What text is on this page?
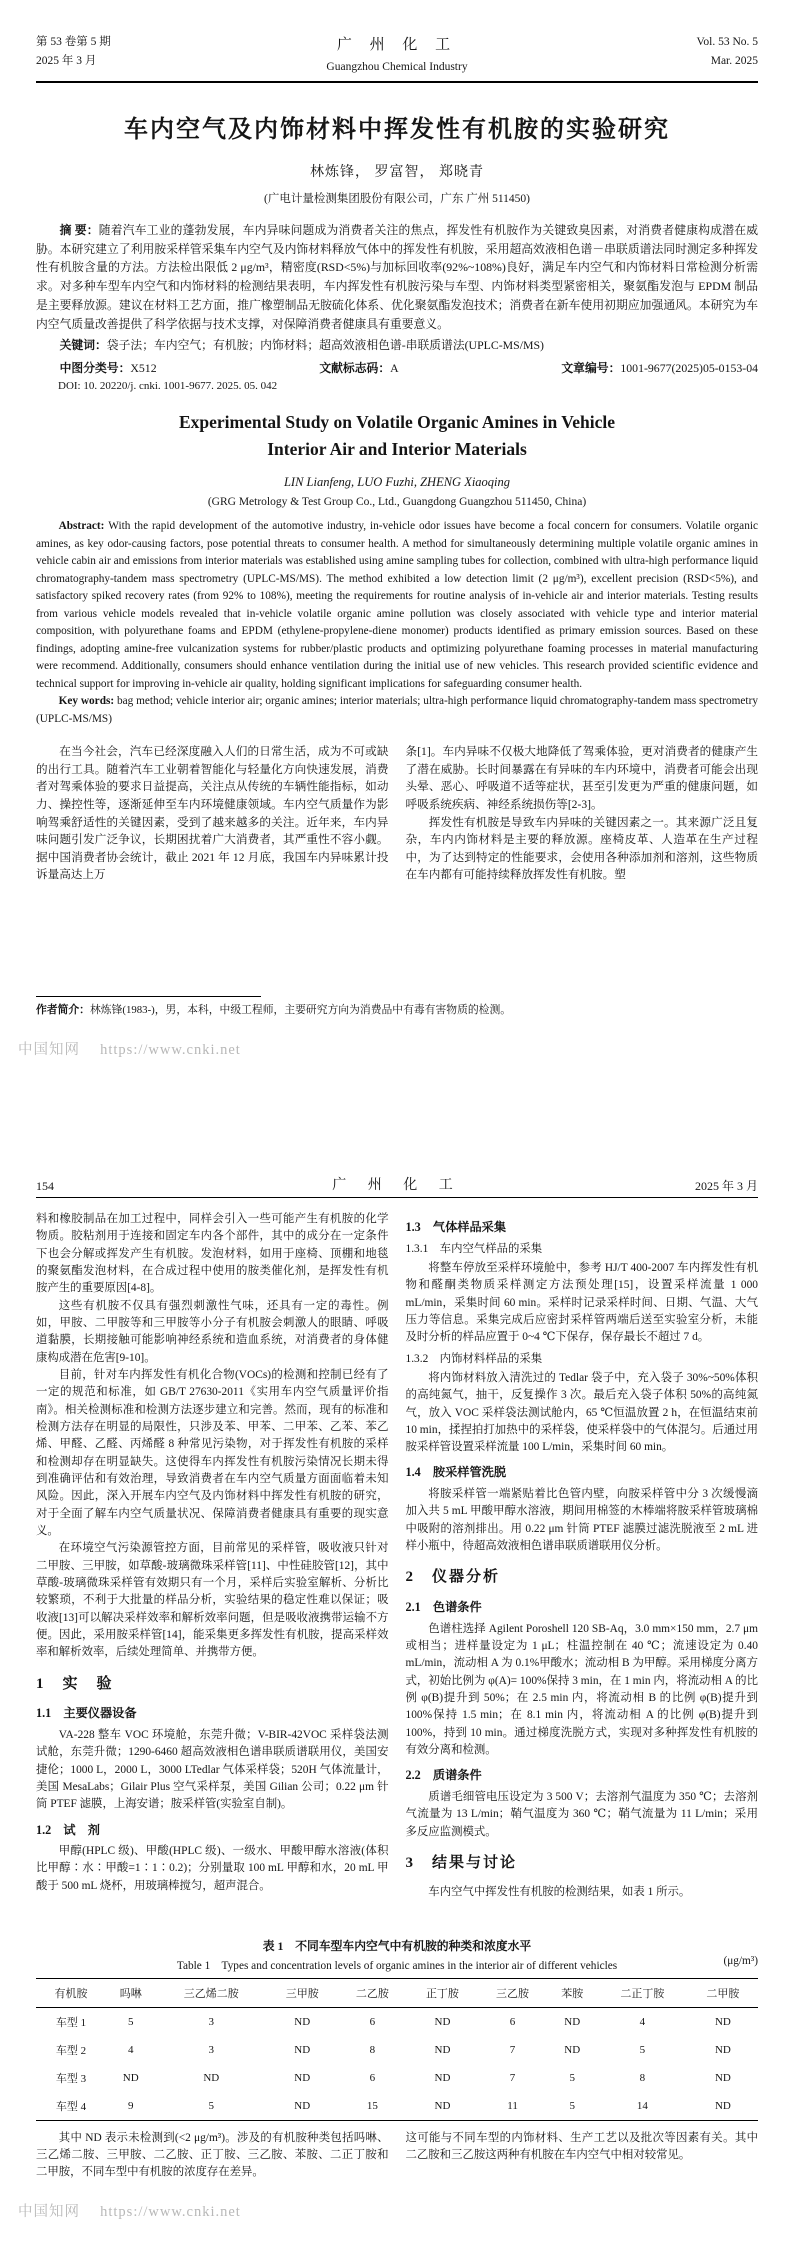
第 53 卷第 5 期
2025 年 3 月
广 州 化 工
Guangzhou Chemical Industry
Vol. 53 No. 5
Mar. 2025
车内空气及内饰材料中挥发性有机胺的实验研究
林炼锋， 罗富智， 郑晓青
(广电计量检测集团股份有限公司，广东 广州 511450)

摘 要：随着汽车工业的蓬勃发展，车内异味问题成为消费者关注的焦点，挥发性有机胺作为关键致臭因素，对消费者健康构成潜在威胁。本研究建立了利用胺采样管采集车内空气及内饰材料释放气体中的挥发性有机胺，采用超高效液相色谱－串联质谱法同时测定多种挥发性有机胺含量的方法。方法检出限低 2 μg/m³，精密度(RSD<5%)与加标回收率(92%~108%)良好，满足车内空气和内饰材料日常检测分析需求。对多种车型车内空气和内饰材料的检测结果表明，车内挥发性有机胺污染与车型、内饰材料类型紧密相关，聚氨酯发泡与 EPDM 制品是主要释放源。建议在材料工艺方面，推广橡塑制品无胺硫化体系、优化聚氨酯发泡技术；消费者在新车使用初期应加强通风。本研究为车内空气质量改善提供了科学依据与技术支撑，对保障消费者健康具有重要意义。

关键词：袋子法；车内空气；有机胺；内饰材料；超高效液相色谱-串联质谱法(UPLC-MS/MS)

中图分类号：X512	文献标志码：A	文章编号：1001-9677(2025)05-0153-04
DOI: 10. 20220/j. cnki. 1001-9677. 2025. 05. 042
Experimental Study on Volatile Organic Amines in Vehicle
Interior Air and Interior Materials
LIN Lianfeng, LUO Fuzhi, ZHENG Xiaoqing
(GRG Metrology & Test Group Co., Ltd., Guangdong Guangzhou 511450, China)

Abstract: With the rapid development of the automotive industry, in-vehicle odor issues have become a focal concern for consumers. Volatile organic amines, as key odor-causing factors, pose potential threats to consumer health. A method for simultaneously determining multiple volatile organic amines in vehicle cabin air and emissions from interior materials was established using amine sampling tubes for collection, combined with ultra-high performance liquid chromatography-tandem mass spectrometry (UPLC-MS/MS). The method exhibited a low detection limit (2 μg/m³), excellent precision (RSD<5%), and satisfactory spiked recovery rates (from 92% to 108%), meeting the requirements for routine analysis of in-vehicle air and interior materials. Testing results from various vehicle models revealed that in-vehicle volatile organic amine pollution was closely associated with vehicle type and interior material composition, with polyurethane foams and EPDM (ethylene-propylene-diene monomer) products identified as primary emission sources. Based on these findings, adopting amine-free vulcanization systems for rubber/plastic products and optimizing polyurethane foaming processes in material manufacturing were recommend. Additionally, consumers should enhance ventilation during the initial use of new vehicles. This research provided scientific evidence and technical support for improving in-vehicle air quality, holding significant implications for safeguarding consumer health.

Key words: bag method; vehicle interior air; organic amines; interior materials; ultra-high performance liquid chromatography-tandem mass spectrometry (UPLC-MS/MS)

在当今社会，汽车已经深度融入人们的日常生活，成为不可或缺的出行工具。随着汽车工业朝着智能化与轻量化方向快速发展，消费者对驾乘体验的要求日益提高，关注点从传统的车辆性能指标，如动力、操控性等，逐渐延伸至车内环境健康领域。车内空气质量作为影响驾乘舒适性的关键因素，受到了越来越多的关注。近年来，车内异味问题引发广泛争议，长期困扰着广大消费者，其严重性不容小觑。据中国消费者协会统计，截止 2021 年 12 月底，我国车内异味累计投诉量高达上万

条[1]。车内异味不仅极大地降低了驾乘体验，更对消费者的健康产生了潜在威胁。长时间暴露在有异味的车内环境中，消费者可能会出现头晕、恶心、呼吸道不适等症状，甚至引发更为严重的健康问题，如呼吸系统疾病、神经系统损伤等[2-3]。

挥发性有机胺是导致车内异味的关键因素之一。其来源广泛且复杂，车内内饰材料是主要的释放源。座椅皮革、人造革在生产过程中，为了达到特定的性能要求，会使用各种添加剂和溶剂，这些物质在车内都有可能持续释放挥发性有机胺。塑

作者简介：林炼锋(1983-)，男，本科，中级工程师，主要研究方向为消费品中有毒有害物质的检测。

中国知网　 https://www.cnki.net
154	广 州 化 工	2025 年 3 月

料和橡胶制品在加工过程中，同样会引入一些可能产生有机胺的化学物质。胶粘剂用于连接和固定车内各个部件，其中的成分在一定条件下也会分解或挥发产生有机胺。发泡材料，如用于座椅、顶棚和地毯的聚氨酯发泡材料，在合成过程中使用的胺类催化剂，是挥发性有机胺产生的重要原因[4-8]。

这些有机胺不仅具有强烈刺激性气味，还具有一定的毒性。例如，甲胺、二甲胺等和三甲胺等小分子有机胺会刺激人的眼睛、呼吸道黏膜，长期接触可能影响神经系统和造血系统，对消费者的身体健康构成潜在危害[9-10]。

目前，针对车内挥发性有机化合物(VOCs)的检测和控制已经有了一定的规范和标准，如 GB/T 27630-2011《实用车内空气质量评价指南》。相关检测标准和检测方法逐步建立和完善。然而，现有的标准和检测方法存在明显的局限性，只涉及苯、甲苯、二甲苯、乙苯、苯乙烯、甲醛、乙醛、丙烯醛 8 种常见污染物，对于挥发性有机胺的采样和检测却存在明显缺失。这使得车内挥发性有机胺污染情况长期未得到准确评估和有效治理，导致消费者在车内空气质量方面面临着未知风险。因此，深入开展车内空气及内饰材料中挥发性有机胺的研究，对于全面了解车内空气质量状况、保障消费者健康具有重要的现实意义。

在环境空气污染源管控方面，目前常见的采样管，吸收液只针对二甲胺、三甲胺，如草酸-玻璃微珠采样管[11]、中性硅胶管[12]，其中草酸-玻璃微珠采样管有效期只有一个月，采样后实验室解析、分析比较繁琐，不利于大批量的样品分析，实验结果的稳定性难以保证；吸收液[13]可以解决采样效率和解析效率问题，但是吸收液携带运输不方便。因此，采用胺采样管[14]，能采集更多挥发性有机胺，提高采样效率和解析效率，后续处理简单、并携带方便。

1　实　验
1.1　主要仪器设备

VA-228 整车 VOC 环境舱，东莞升微；V-BIR-42VOC 采样袋法测试舱，东莞升微；1290-6460 超高效液相色谱串联质谱联用仪，美国安捷伦；1000 L，2000 L，3000 LTedlar 气体采样袋；520H 气体流量计，美国 MesaLabs；Gilair Plus 空气采样泵，美国 Gilian 公司；0.22 μm 针筒 PTEF 滤膜，上海安谱；胺采样管(实验室自制)。

1.2　试　剂

甲醇(HPLC 级)、甲酸(HPLC 级)、一级水、甲酸甲醇水溶液(体积比甲醇∶水∶甲酸=1∶1∶0.2)；分别量取 100 mL 甲醇和水，20 mL 甲酸于 500 mL 烧杯，用玻璃棒搅匀，超声混合。

1.3　气体样品采集
1.3.1　车内空气样品的采集

将整车停放至采样环境舱中，参考 HJ/T 400-2007 车内挥发性有机物和醛酮类物质采样测定方法预处理[15]，设置采样流量 1 000 mL/min，采集时间 60 min。采样时记录采样时间、日期、气温、大气压力等信息。采集完成后应密封采样管两端后送至实验室分析，未能及时分析的样品应置于 0~4 ℃下保存，保存最长不超过 7 d。

1.3.2　内饰材料样品的采集

将内饰材料放入清洗过的 Tedlar 袋子中，充入袋子 30%~50%体积的高纯氮气，抽干，反复操作 3 次。最后充入袋子体积 50%的高纯氮气，放入 VOC 采样袋法测试舱内，65 ℃恒温放置 2 h，在恒温结束前 10 min，揉捏拍打加热中的采样袋，使采样袋中的气体混匀。后通过用胺采样管设置采样流量 100 L/min，采集时间 60 min。

1.4　胺采样管洗脱

将胺采样管一端紧贴着比色管内壁，向胺采样管中分 3 次缓慢滴加入共 5 mL 甲酸甲醇水溶液，期间用棉签的木棒端将胺采样管玻璃棉中吸附的溶剂排出。用 0.22 μm 针筒 PTEF 滤膜过滤洗脱液至 2 mL 进样小瓶中，待超高效液相色谱串联质谱联用仪分析。

2　仪器分析
2.1　色谱条件

色谱柱选择 Agilent Poroshell 120 SB-Aq，3.0 mm×150 mm，2.7 μm 或相当；进样量设定为 1 μL；柱温控制在 40 ℃；流速设定为 0.40 mL/min，流动相 A 为 0.1%甲酸水；流动相 B 为甲醇。采用梯度分离方式，初始比例为 φ(A)= 100%保持 3 min，在 1 min 内，将流动相 A 的比例 φ(B)提升到 50%；在 2.5 min 内，将流动相 B 的比例 φ(B)提升到 100%保持 1.5 min；在 8.1 min 内，将流动相 A 的比例 φ(B)提升到 100%，持到 10 min。通过梯度洗脱方式，实现对多种挥发性有机胺的有效分离和检测。

2.2　质谱条件

质谱毛细管电压设定为 3 500 V；去溶剂气温度为 350 ℃；去溶剂气流量为 13 L/min；鞘气温度为 360 ℃；鞘气流量为 11 L/min；采用多反应监测模式。

3　结果与讨论

车内空气中挥发性有机胺的检测结果，如表 1 所示。

表 1　不同车型车内空气中有机胺的种类和浓度水平
Table 1　Types and concentration levels of organic amines in the interior air of different vehicles	(μg/m³)
有机胺	吗啉	三乙烯二胺	三甲胺	二乙胺	正丁胺	三乙胺	苯胺	二正丁胺	二甲胺
车型 1	5	3	ND	6	ND	6	ND	4	ND
车型 2	4	3	ND	8	ND	7	ND	5	ND
车型 3	ND	ND	ND	6	ND	7	5	8	ND
车型 4	9	5	ND	15	ND	11	5	14	ND

其中 ND 表示未检测到(<2 μg/m³)。涉及的有机胺种类包括吗啉、三乙烯二胺、三甲胺、二乙胺、正丁胺、三乙胺、苯胺、二正丁胺和二甲胺，不同车型中有机胺的浓度存在差异。

这可能与不同车型的内饰材料、生产工艺以及批次等因素有关。其中二乙胺和三乙胺这两种有机胺在车内空气中相对较常见。

中国知网　 https://www.cnki.net
